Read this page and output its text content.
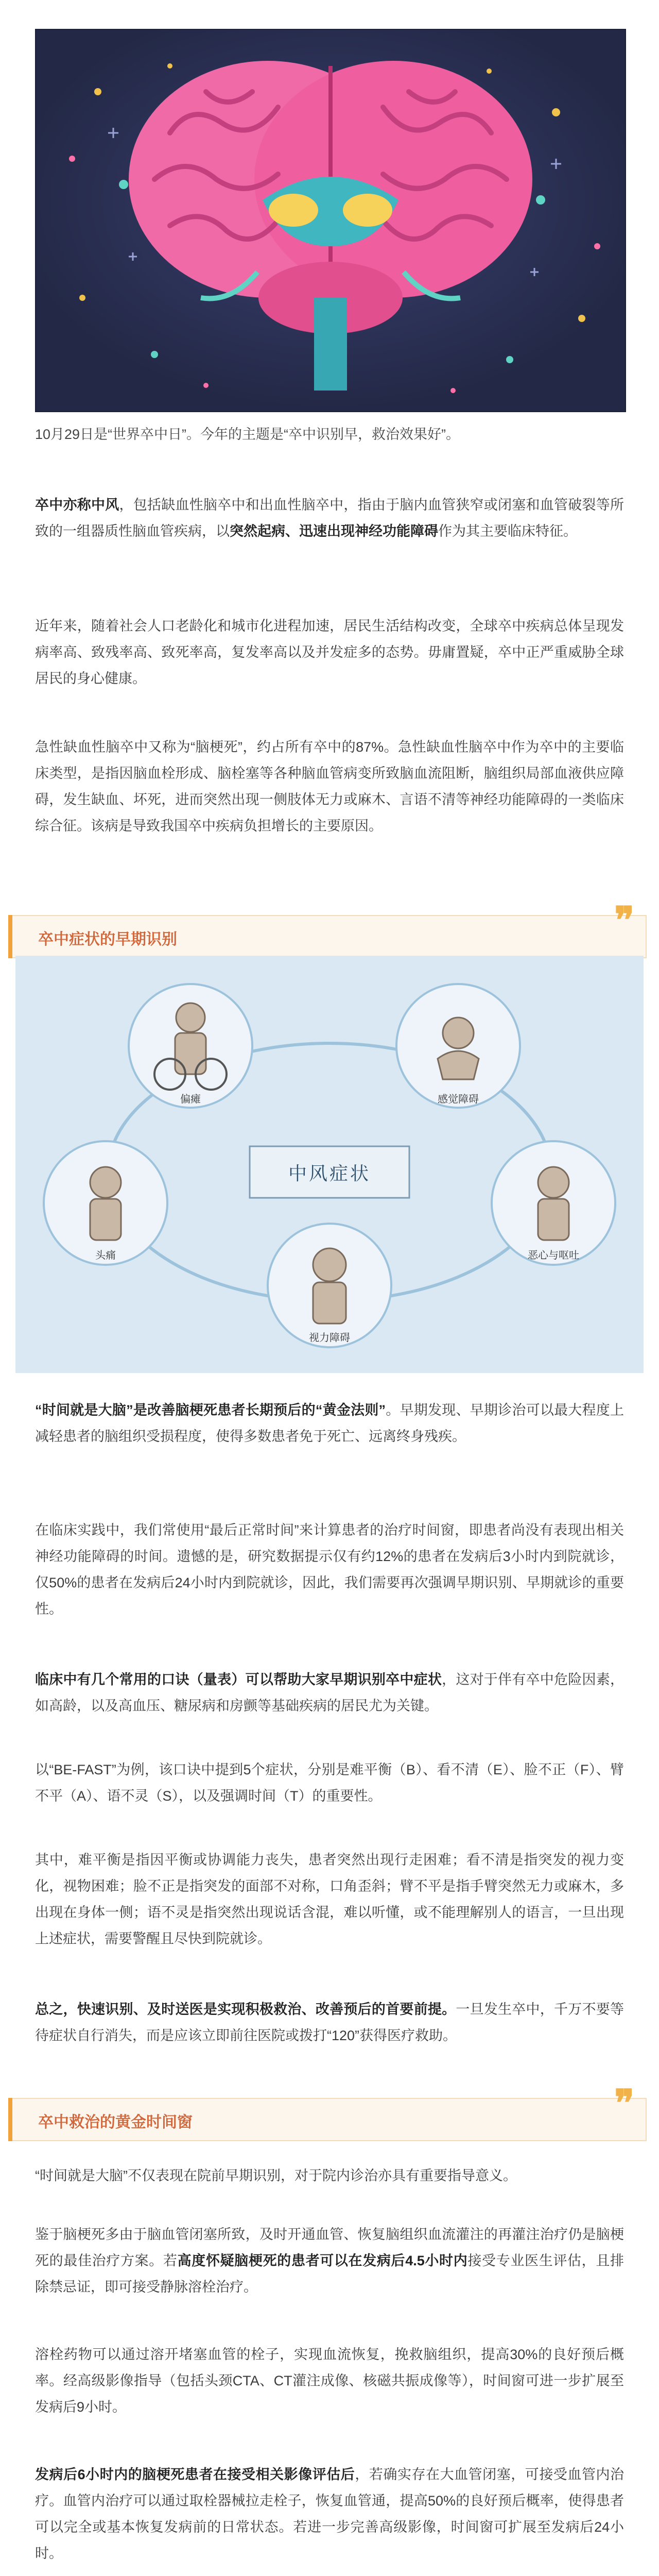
10月29日是“世界卒中日”。今年的主题是“卒中识别早，救治效果好”。

卒中亦称中风，包括缺血性脑卒中和出血性脑卒中，指由于脑内血管狭窄或闭塞和血管破裂等所致的一组器质性脑血管疾病，以突然起病、迅速出现神经功能障碍作为其主要临床特征。

近年来，随着社会人口老龄化和城市化进程加速，居民生活结构改变，全球卒中疾病总体呈现发病率高、致残率高、致死率高，复发率高以及并发症多的态势。毋庸置疑，卒中正严重威胁全球居民的身心健康。

急性缺血性脑卒中又称为“脑梗死”，约占所有卒中的87%。急性缺血性脑卒中作为卒中的主要临床类型，是指因脑血栓形成、脑栓塞等各种脑血管病变所致脑血流阻断，脑组织局部血液供应障碍，发生缺血、坏死，进而突然出现一侧肢体无力或麻木、言语不清等神经功能障碍的一类临床综合征。该病是导致我国卒中疾病负担增长的主要原因。

卒中症状的早期识别	❞
中风症状
偏瘫	感觉障碍
头痛	恶心与呕吐
视力障碍

“时间就是大脑”是改善脑梗死患者长期预后的“黄金法则”。早期发现、早期诊治可以最大程度上减轻患者的脑组织受损程度，使得多数患者免于死亡、远离终身残疾。

在临床实践中，我们常使用“最后正常时间”来计算患者的治疗时间窗，即患者尚没有表现出相关神经功能障碍的时间。遗憾的是，研究数据提示仅有约12%的患者在发病后3小时内到院就诊，仅50%的患者在发病后24小时内到院就诊，因此，我们需要再次强调早期识别、早期就诊的重要性。

临床中有几个常用的口诀（量表）可以帮助大家早期识别卒中症状，这对于伴有卒中危险因素，如高龄，以及高血压、糖尿病和房颤等基础疾病的居民尤为关键。

以“BE-FAST”为例，该口诀中提到5个症状，分别是难平衡（B）、看不清（E）、脸不正（F）、臂不平（A）、语不灵（S），以及强调时间（T）的重要性。

其中，难平衡是指因平衡或协调能力丧失，患者突然出现行走困难；看不清是指突发的视力变化，视物困难；脸不正是指突发的面部不对称，口角歪斜；臂不平是指手臂突然无力或麻木，多出现在身体一侧；语不灵是指突然出现说话含混，难以听懂，或不能理解别人的语言，一旦出现上述症状，需要警醒且尽快到院就诊。

总之，快速识别、及时送医是实现积极救治、改善预后的首要前提。一旦发生卒中，千万不要等待症状自行消失，而是应该立即前往医院或拨打“120”获得医疗救助。

卒中救治的黄金时间窗	❞

“时间就是大脑”不仅表现在院前早期识别，对于院内诊治亦具有重要指导意义。

鉴于脑梗死多由于脑血管闭塞所致，及时开通血管、恢复脑组织血流灌注的再灌注治疗仍是脑梗死的最佳治疗方案。若高度怀疑脑梗死的患者可以在发病后4.5小时内接受专业医生评估，且排除禁忌证，即可接受静脉溶栓治疗。

溶栓药物可以通过溶开堵塞血管的栓子，实现血流恢复，挽救脑组织，提高30%的良好预后概率。经高级影像指导（包括头颈CTA、CT灌注成像、核磁共振成像等），时间窗可进一步扩展至发病后9小时。

发病后6小时内的脑梗死患者在接受相关影像评估后，若确实存在大血管闭塞，可接受血管内治疗。血管内治疗可以通过取栓器械拉走栓子，恢复血管通，提高50%的良好预后概率，使得患者可以完全或基本恢复发病前的日常状态。若进一步完善高级影像，时间窗可扩展至发病后24小时。
